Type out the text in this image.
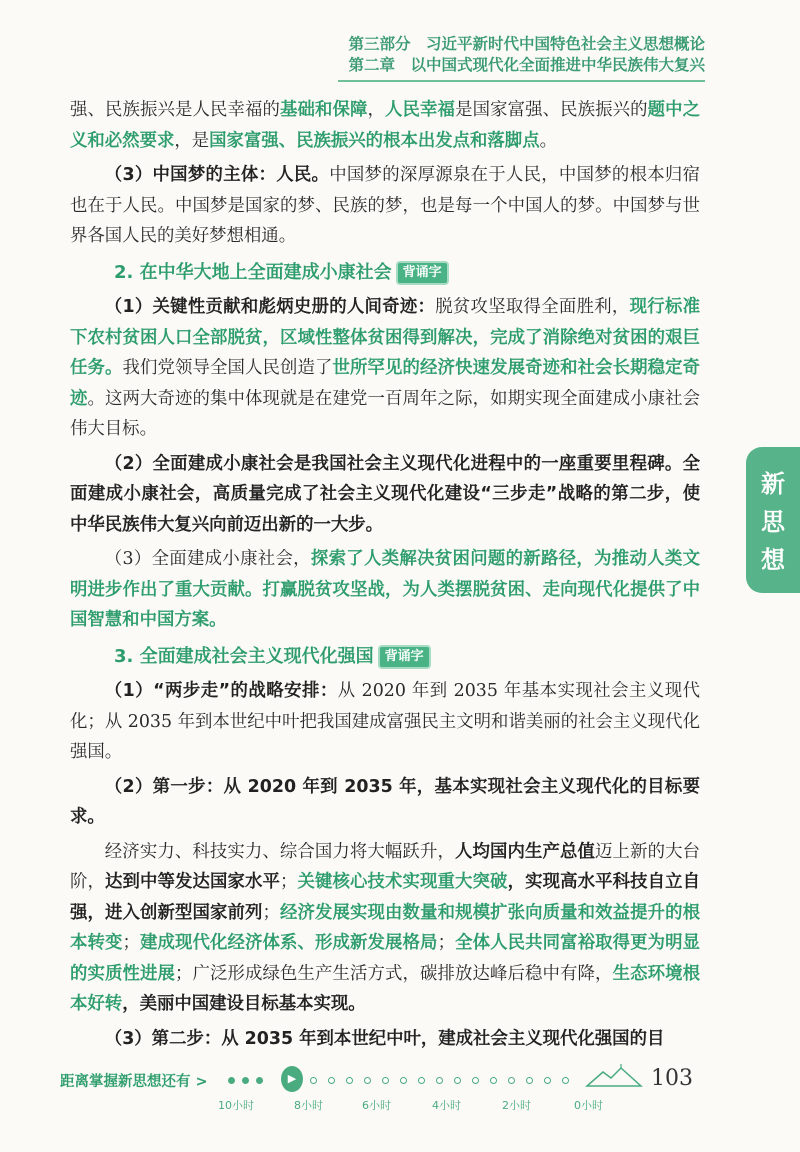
第三部分　习近平新时代中国特色社会主义思想概论
第二章　以中国式现代化全面推进中华民族伟大复兴

强、民族振兴是人民幸福的基础和保障，人民幸福是国家富强、民族振兴的题中之义和必然要求，是国家富强、民族振兴的根本出发点和落脚点。

（3）中国梦的主体：人民。中国梦的深厚源泉在于人民，中国梦的根本归宿也在于人民。中国梦是国家的梦、民族的梦，也是每一个中国人的梦。中国梦与世界各国人民的美好梦想相通。

2. 在中华大地上全面建成小康社会 背诵字

（1）关键性贡献和彪炳史册的人间奇迹：脱贫攻坚取得全面胜利，现行标准下农村贫困人口全部脱贫，区域性整体贫困得到解决，完成了消除绝对贫困的艰巨任务。我们党领导全国人民创造了世所罕见的经济快速发展奇迹和社会长期稳定奇迹。这两大奇迹的集中体现就是在建党一百周年之际，如期实现全面建成小康社会伟大目标。

（2）全面建成小康社会是我国社会主义现代化进程中的一座重要里程碑。全面建成小康社会，高质量完成了社会主义现代化建设“三步走”战略的第二步，使中华民族伟大复兴向前迈出新的一大步。

（3）全面建成小康社会，探索了人类解决贫困问题的新路径，为推动人类文明进步作出了重大贡献。打赢脱贫攻坚战，为人类摆脱贫困、走向现代化提供了中国智慧和中国方案。

3. 全面建成社会主义现代化强国 背诵字

（1）“两步走”的战略安排：从 2020 年到 2035 年基本实现社会主义现代化；从 2035 年到本世纪中叶把我国建成富强民主文明和谐美丽的社会主义现代化强国。

（2）第一步：从 2020 年到 2035 年，基本实现社会主义现代化的目标要求。

经济实力、科技实力、综合国力将大幅跃升，人均国内生产总值迈上新的大台阶，达到中等发达国家水平；关键核心技术实现重大突破，实现高水平科技自立自强，进入创新型国家前列；经济发展实现由数量和规模扩张向质量和效益提升的根本转变；建成现代化经济体系、形成新发展格局；全体人民共同富裕取得更为明显的实质性进展；广泛形成绿色生产生活方式，碳排放达峰后稳中有降，生态环境根本好转，美丽中国建设目标基本实现。

（3）第二步：从 2035 年到本世纪中叶，建成社会主义现代化强国的目

新
思
想
距离掌握新思想还有 >	▶
10小时	8小时	6小时	4小时	2小时	0小时
103
